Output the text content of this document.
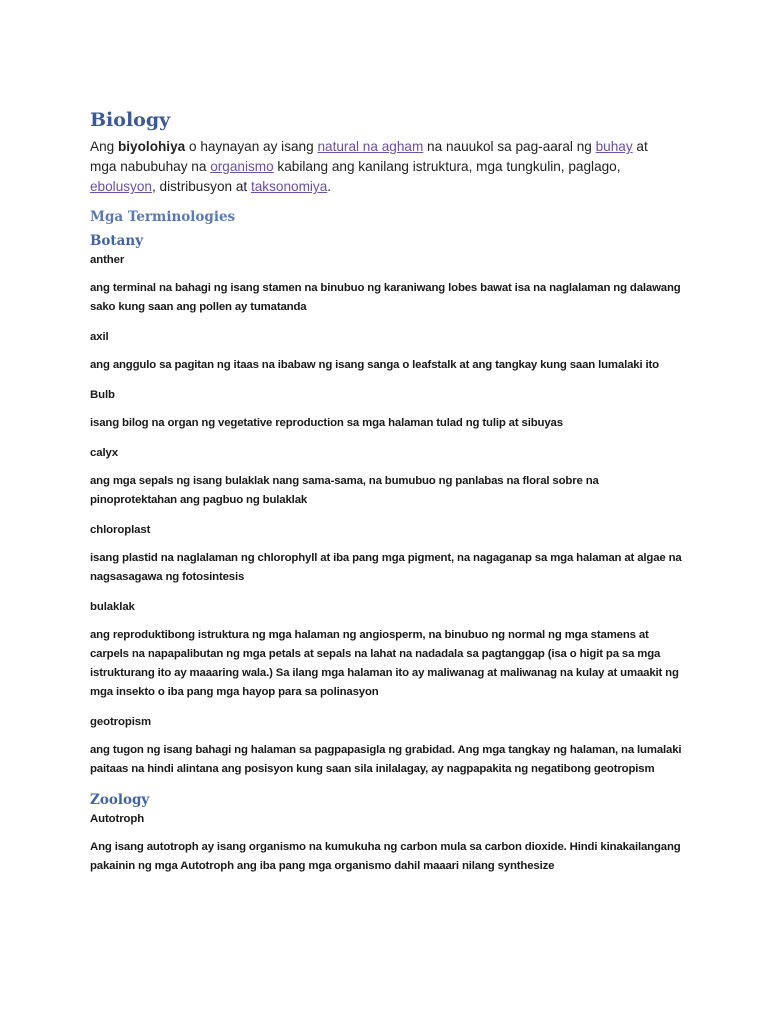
Biology

Ang biyolohiya o haynayan ay isang natural na agham na nauukol sa pag-aaral ng buhay at mga nabubuhay na organismo kabilang ang kanilang istruktura, mga tungkulin, paglago, ebolusyon, distribusyon at taksonomiya.

Mga Terminologies
Botany

anther

ang terminal na bahagi ng isang stamen na binubuo ng karaniwang lobes bawat isa na naglalaman ng dalawang sako kung saan ang pollen ay tumatanda

axil

ang anggulo sa pagitan ng itaas na ibabaw ng isang sanga o leafstalk at ang tangkay kung saan lumalaki ito

Bulb

isang bilog na organ ng vegetative reproduction sa mga halaman tulad ng tulip at sibuyas

calyx

ang mga sepals ng isang bulaklak nang sama-sama, na bumubuo ng panlabas na floral sobre na pinoprotektahan ang pagbuo ng bulaklak

chloroplast

isang plastid na naglalaman ng chlorophyll at iba pang mga pigment, na nagaganap sa mga halaman at algae na nagsasagawa ng fotosintesis

bulaklak

ang reproduktibong istruktura ng mga halaman ng angiosperm, na binubuo ng normal ng mga stamens at carpels na napapalibutan ng mga petals at sepals na lahat na nadadala sa pagtanggap (isa o higit pa sa mga istrukturang ito ay maaaring wala.) Sa ilang mga halaman ito ay maliwanag at maliwanag na kulay at umaakit ng mga insekto o iba pang mga hayop para sa polinasyon

geotropism

ang tugon ng isang bahagi ng halaman sa pagpapasigla ng grabidad. Ang mga tangkay ng halaman, na lumalaki paitaas na hindi alintana ang posisyon kung saan sila inilalagay, ay nagpapakita ng negatibong geotropism

Zoology

Autotroph

Ang isang autotroph ay isang organismo na kumukuha ng carbon mula sa carbon dioxide. Hindi kinakailangang pakainin ng mga Autotroph ang iba pang mga organismo dahil maaari nilang synthesize
